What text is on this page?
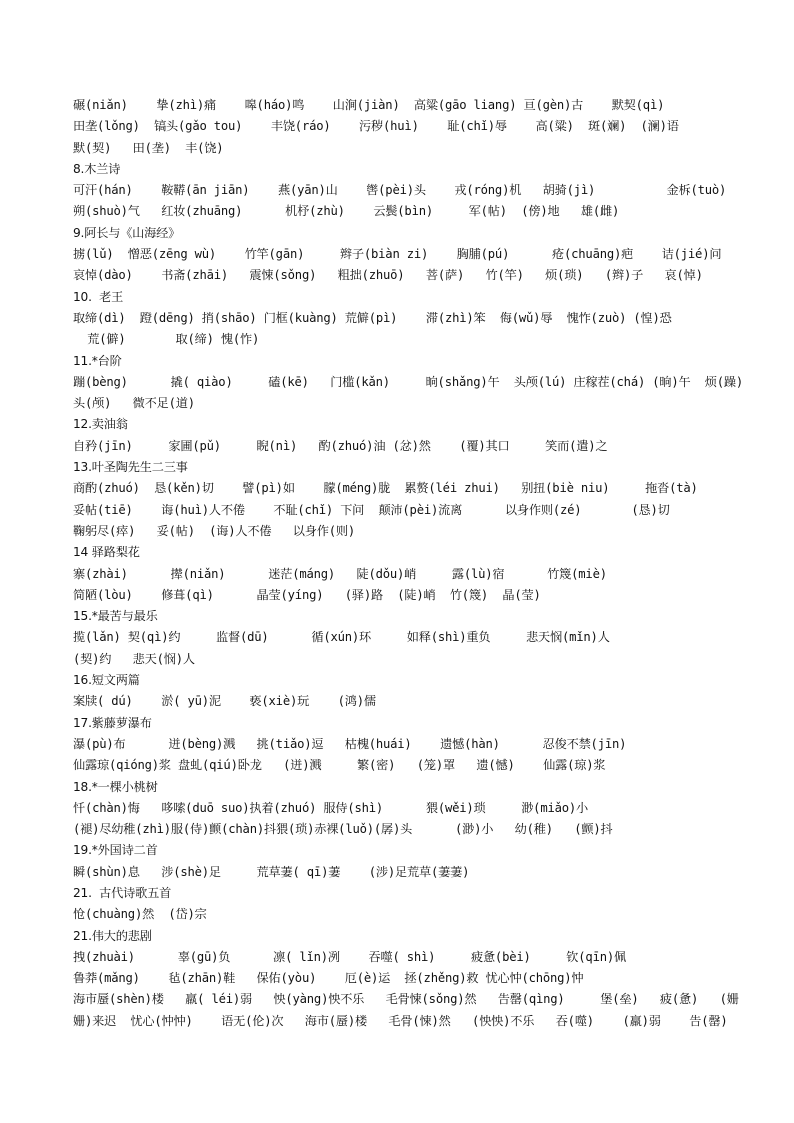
碾(niǎn)    挚(zhì)痛    嗥(háo)鸣    山涧(jiàn)  高粱(gāo liang) 亘(gèn)古    默契(qì)
田垄(lǒng)  镐头(gǎo tou)    丰饶(ráo)    污秽(huì)    耻(chǐ)辱    高(粱)  斑(斓)  (澜)语
默(契)   田(垄)  丰(饶)
8.木兰诗
可汗(hán)    鞍鞯(ān jiān)    燕(yān)山    辔(pèi)头    戎(róng)机   胡骑(jì)          金柝(tuò)
朔(shuò)气   红妆(zhuāng)      机杼(zhù)    云鬓(bìn)     军(帖)  (傍)地   雄(雌)
9.阿长与《山海经》
掳(lǔ)  憎恶(zēng wù)    竹竿(gān)     辫子(biàn zi)    胸脯(pú)      疮(chuāng)疤    诘(jié)问
哀悼(dào)    书斋(zhāi)   震悚(sǒng)   粗拙(zhuō)   菩(萨)   竹(竿)   烦(琐)   (辫)子   哀(悼)
10.  老王
取缔(dì)  蹬(dēng) 捎(shāo) 门框(kuàng) 荒僻(pì)    滞(zhì)笨  侮(wǔ)辱  愧怍(zuò) (惶)恐
荒(僻)       取(缔) 愧(怍)
11.*台阶
蹦(bèng)      撬( qiào)     磕(kē)   门槛(kǎn)     晌(shǎng)午  头颅(lú) 庄稼茬(chá) (晌)午  烦(躁)
头(颅)   微不足(道)
12.卖油翁
自矜(jīn)     家圃(pǔ)     睨(nì)   酌(zhuó)油 (忿)然    (覆)其口     笑而(遣)之
13.叶圣陶先生二三事
商酌(zhuó)  恳(kěn)切    譬(pì)如    朦(méng)胧  累赘(léi zhui)   别扭(biè niu)     拖沓(tà)
妥帖(tiē)    诲(huì)人不倦    不耻(chǐ) 下问  颠沛(pèi)流离      以身作则(zé)       (恳)切
鞠躬尽(瘁)   妥(帖)  (诲)人不倦   以身作(则)
14 驿路梨花
寨(zhài)      撵(niǎn)      迷茫(máng)   陡(dǒu)峭     露(lù)宿      竹篾(miè)
简陋(lòu)    修葺(qì)      晶莹(yíng)   (驿)路  (陡)峭  竹(篾)  晶(莹)
15.*最苦与最乐
揽(lǎn) 契(qì)约     监督(dū)      循(xún)环     如释(shì)重负     悲天悯(mǐn)人
(契)约   悲天(悯)人
16.短文两篇
案牍( dú)    淤( yū)泥    亵(xiè)玩    (鸿)儒
17.紫藤萝瀑布
瀑(pù)布      迸(bèng)溅   挑(tiǎo)逗   枯槐(huái)    遗憾(hàn)      忍俊不禁(jīn)
仙露琼(qióng)浆 盘虬(qiú)卧龙   (迸)溅     繁(密)   (笼)罩   遗(憾)    仙露(琼)浆
18.*一棵小桃树
忏(chàn)悔   哆嗦(duō suo)执着(zhuó) 服侍(shì)      猥(wěi)琐     渺(miǎo)小
(褪)尽幼稚(zhì)服(侍)颤(chàn)抖猥(琐)赤裸(luǒ)(孱)头      (渺)小   幼(稚)   (颤)抖
19.*外国诗二首
瞬(shùn)息   涉(shè)足     荒草萋( qī)萋    (涉)足荒草(萋萋)
21.  古代诗歌五首
怆(chuàng)然  (岱)宗
21.伟大的悲剧
拽(zhuài)      辜(gū)负      凛( lǐn)冽    吞噬( shì)     疲惫(bèi)     钦(qīn)佩
鲁莽(mǎng)    毡(zhān)鞋   保佑(yòu)    厄(è)运  拯(zhěng)救 忧心忡(chōng)忡
海市蜃(shèn)楼   羸( léi)弱   怏(yàng)怏不乐   毛骨悚(sǒng)然   告罄(qìng)     堡(垒)   疲(惫)   (姗
姗)来迟  忧心(忡忡)    语无(伦)次   海市(蜃)楼   毛骨(悚)然   (怏怏)不乐   吞(噬)    (羸)弱    告(罄)
